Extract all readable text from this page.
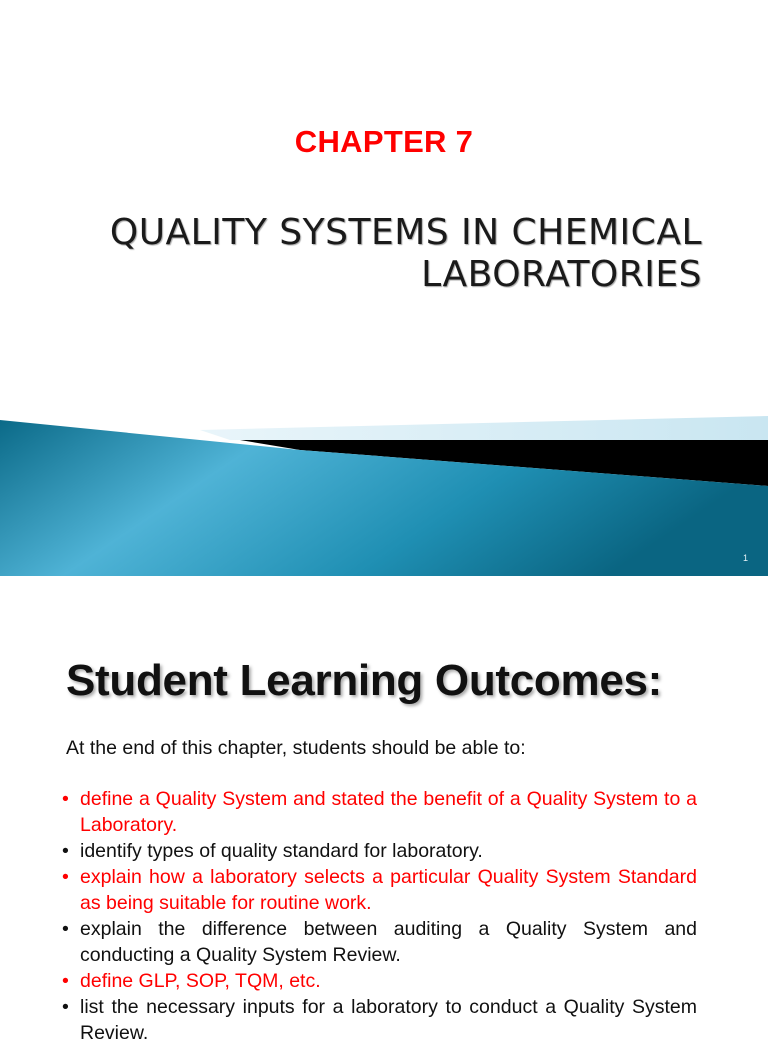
CHAPTER 7
QUALITY SYSTEMS IN CHEMICAL
LABORATORIES
1
Student Learning Outcomes:
At the end of this chapter, students should be able to:
• define a Quality System and stated the benefit of a Quality System to a Laboratory.
• identify types of quality standard for laboratory.
• explain how a laboratory selects a particular Quality System Standard as being suitable for routine work.
• explain the difference between auditing a Quality System and conducting a Quality System Review.
• define GLP, SOP, TQM, etc.
• list the necessary inputs for a laboratory to conduct a Quality System Review.
